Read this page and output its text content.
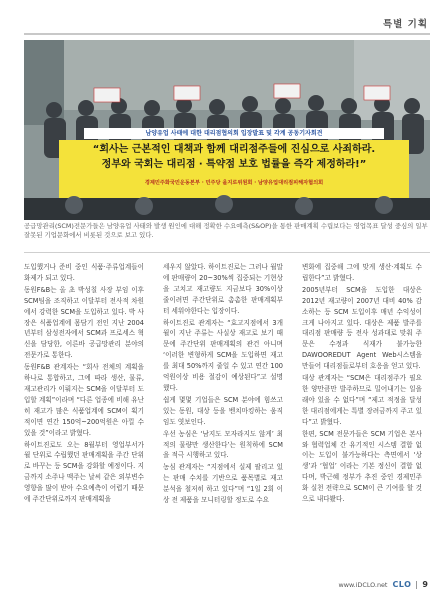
특별 기획
남양유업 사태에 대한 대리점협의회 입장발표 및 각계 공동기자회견
“회사는 근본적인 대책과 함께 대리점주들에 진심으로 사죄하라.
정부와 국회는 대리점 ‧ 특약점 보호 법률을 즉각 제정하라!”
경제민주화국민운동본부 · 민주당 을지로위원회 · 남양유업대리점피해자협의회
공급망관리(SCM)전문가들은 남양유업 사태와 발생 원인에 대해 정확한 수요예측(S&OP)을 통한 판매계획 수립보다는 영업목표 달성 중심의 일부 잘못된 기업문화에서 비롯된 것으로 보고 있다.

도입했거나 준비 중인 식품·주류업계들이 화제가 되고 있다.

동원F&B는 올 초 박성칠 사장 부임 이후 SCM팀을 조직하고 이달부터 전사적 차원에서 강력한 SCM을 도입하고 있다. 박 사장은 식품업계에 몸담기 전인 지난 2004년부터 삼성전자에서 SCM과 프로세스 혁신을 담당한, 이른바 공급망관리 분야의 전문가로 통한다.

동원F&B 관계자는 “회사 전체의 계획을 하나로 통합하고, 그에 따라 생산, 물류, 재고관리가 이뤄지는 SCM을 이달부터 도입할 계획”이라며 “다른 업종에 비해 유난히 재고가 많은 식품업계에 SCM이 획기적이면 연간 150억~200억원은 아낄 수 있을 것”이라고 밝혔다.

하이트진로도 오는 8월부터 영업부서가 월 단위로 수립했던 판매계획을 주간 단위로 바꾸는 등 SCM을 강화할 예정이다. 지금까지 소주나 맥주는 날씨 같은 외부변수 영향을 많이 받아 수요예측이 어렵기 때문에 주간단위로까지 판매계획을

세우지 않았다. 하이트진로는 그러나 월말에 판매량이 20~30%씩 집중되는 기현상을 고치고 재고량도 지금보다 30%이상 줄이려면 주간단위로 촘촘한 판매계획부터 세워야한다는 입장이다.

하이트진로 관계자는 “효고지점에서 3개월이 지난 주류는 사실상 재고로 보기 때문에 주간단위 판매계획의 관건 아니며 ‘이러한 변형하게 SCM을 도입하면 재고를 최대 50%까지 줄일 수 있고 연간 100억원이상 비용 절감이 예상된다”고 설명했다.

쉽게 몇몇 기업들은 SCM 분야에 힘쓰고 있는 동원, 대상 등을 벤치마킹하는 움직임도 엿보인다.

우선 농심은 ‘남지도 모자라지도 않게’ 최적의 물량만 생산한다’는 원칙하에 SCM을 적극 시행하고 있다.

농심 관계자는 “지점에서 실제 팔리고 있는 판매 수치를 기반으로 품목별로 재고 분석을 철저히 하고 있다”며 “1일 2회 이상 전 제품을 모니터링할 정도로 수요

변화에 집중해 그에 맞게 생산·계획도 수립한다”고 밝혔다.

2005년부터 SCM을 도입한 대상은 2012년 재고량이 2007년 대비 40% 감소하는 등 SCM 도입이후 매년 수익성이 크게 나아지고 있다. 대상은 제품 발주를 대리점 판매량 등 전사 성과대로 맞춰 주문은 수정과 식재가 불가능한 DAWOOREDUT Agent Web시스템을 만들어 대리점들로부터 호응을 얻고 있다.

대상 관계자는 “SCM은 대리점주가 필요한 양만큼만 발주하므로 밀어내기는 일을래야 있을 수 없다”며 “제고 적정을 달성한 대리점에게는 특별 장려금까지 주고 있다”고 밝혔다.

한편, SCM 전문가들은 SCM 기업은 본사와 협력업체 간 유기적인 시스템 결합 없이는 도입이 불가능하다는 측면에서 ‘상생’과 ‘협업’ 이라는 기본 정신이 결합 없다며, 박근혜 정부가 추진 중인 경제민주화 실천 전략으로 SCM이 큰 기여를 할 것으로 내다봤다.

www.iDCLO.net CLO 9
